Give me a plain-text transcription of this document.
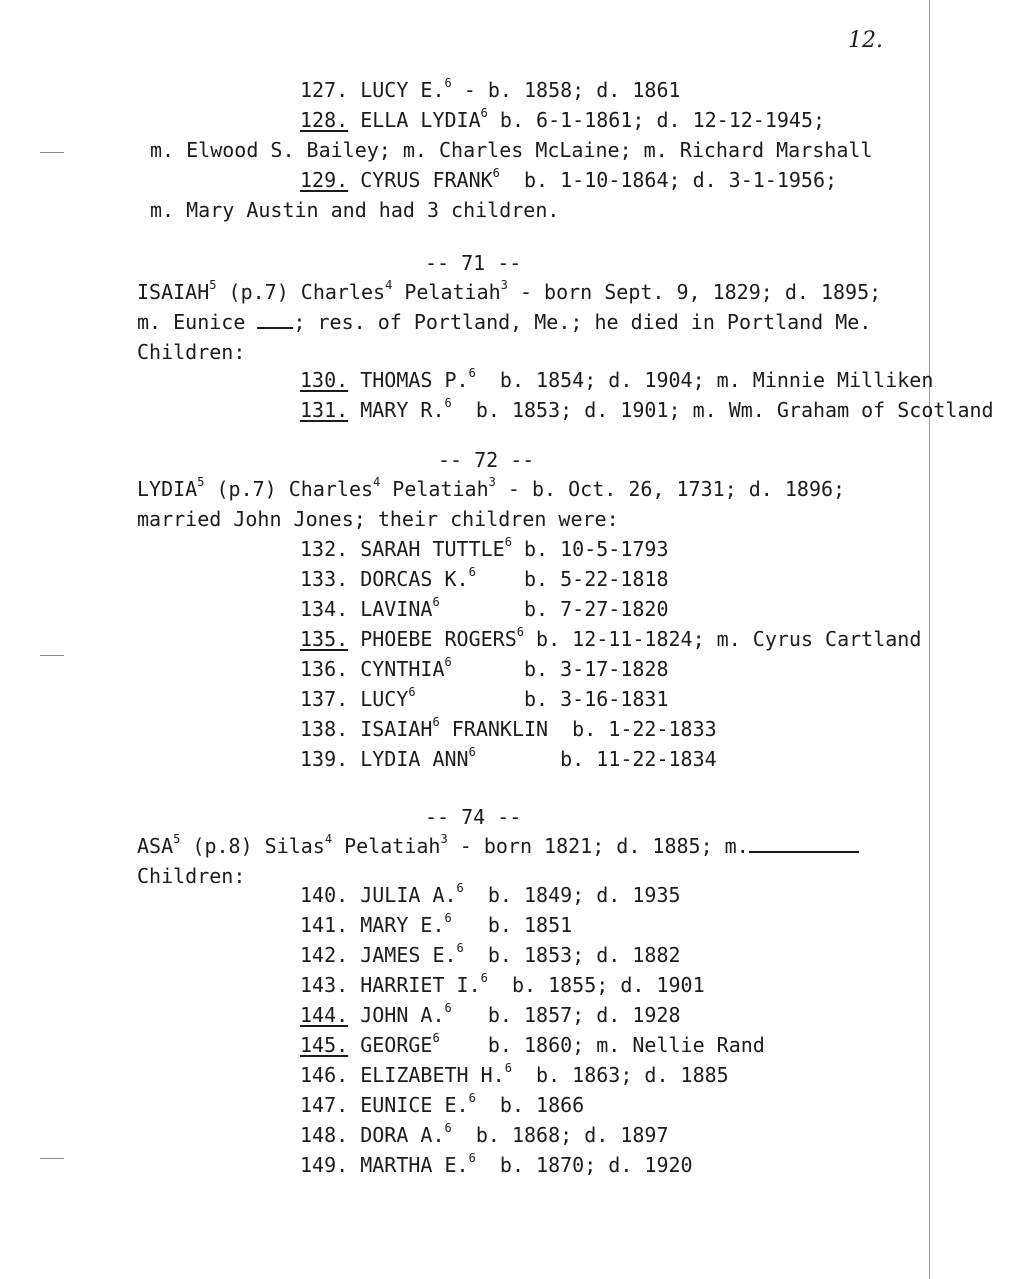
12.
127. LUCY E.$^6$ - b. 1858; d. 1861
128. ELLA LYDIA$^6$ b. 6-1-1861; d. 12-12-1945;
m. Elwood S. Bailey; m. Charles McLaine; m. Richard Marshall
129. CYRUS FRANK$^6$  b. 1-10-1864; d. 3-1-1956;
m. Mary Austin and had 3 children.
-- 71 --
ISAIAH$^5$ (p.7) Charles$^4$ Pelatiah$^3$ - born Sept. 9, 1829; d. 1895;
m. Eunice ; res. of Portland, Me.; he died in Portland Me.
Children:
130. THOMAS P.$^6$  b. 1854; d. 1904; m. Minnie Milliken
131. MARY R.$^6$  b. 1853; d. 1901; m. Wm. Graham of Scotland
-- 72 --
LYDIA$^5$ (p.7) Charles$^4$ Pelatiah$^3$ - b. Oct. 26, 1731; d. 1896;
married John Jones; their children were:
132. SARAH TUTTLE$^6$ b. 10-5-1793
133. DORCAS K.$^6$    b. 5-22-1818
134. LAVINA$^6$       b. 7-27-1820
135. PHOEBE ROGERS$^6$ b. 12-11-1824; m. Cyrus Cartland
136. CYNTHIA$^6$      b. 3-17-1828
137. LUCY$^6$         b. 3-16-1831
138. ISAIAH$^6$ FRANKLIN  b. 1-22-1833
139. LYDIA ANN$^6$       b. 11-22-1834
-- 74 --
ASA$^5$ (p.8) Silas$^4$ Pelatiah$^3$ - born 1821; d. 1885; m.
Children:
140. JULIA A.$^6$  b. 1849; d. 1935
141. MARY E.$^6$   b. 1851
142. JAMES E.$^6$  b. 1853; d. 1882
143. HARRIET I.$^6$  b. 1855; d. 1901
144. JOHN A.$^6$   b. 1857; d. 1928
145. GEORGE$^6$    b. 1860; m. Nellie Rand
146. ELIZABETH H.$^6$  b. 1863; d. 1885
147. EUNICE E.$^6$  b. 1866
148. DORA A.$^6$  b. 1868; d. 1897
149. MARTHA E.$^6$  b. 1870; d. 1920
